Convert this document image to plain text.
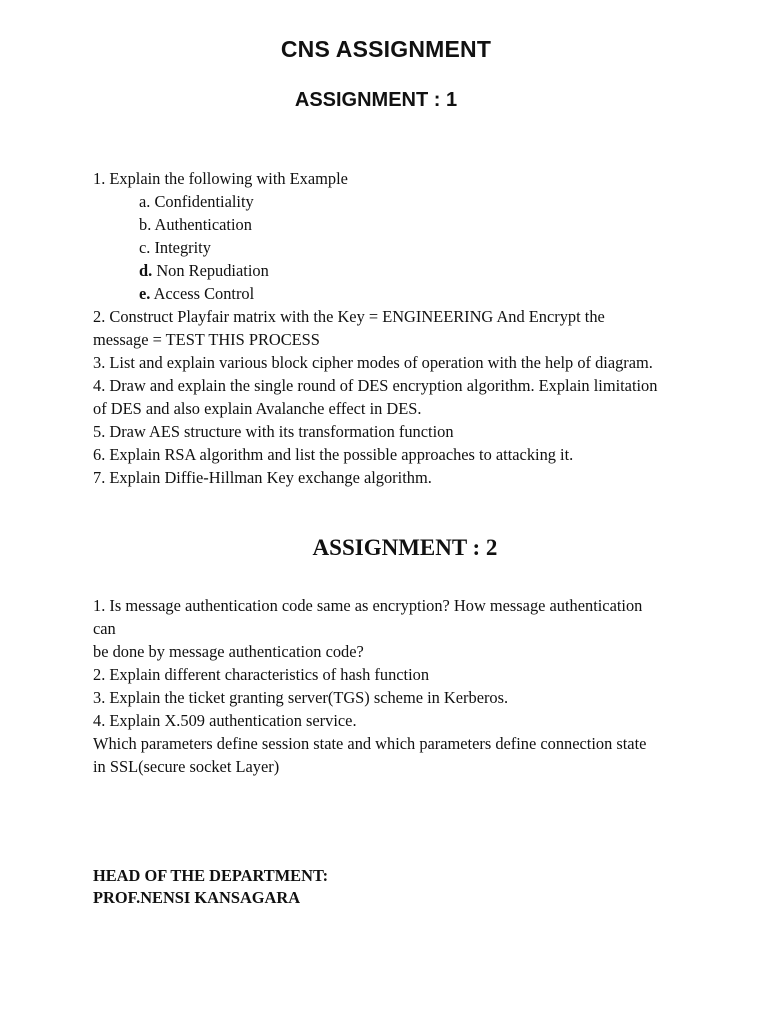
CNS ASSIGNMENT
ASSIGNMENT : 1
1. Explain the following with Example
a. Confidentiality
b. Authentication
c. Integrity
d. Non Repudiation
e. Access Control
2. Construct Playfair matrix with the Key = ENGINEERING And Encrypt the
message = TEST THIS PROCESS
3. List and explain various block cipher modes of operation with the help of diagram.
4. Draw and explain the single round of DES encryption algorithm. Explain limitation
of DES and also explain Avalanche effect in DES.
5. Draw AES structure with its transformation function
6. Explain RSA algorithm and list the possible approaches to attacking it.
7. Explain Diffie-Hillman Key exchange algorithm.
ASSIGNMENT : 2
1. Is message authentication code same as encryption? How message authentication
can
be done by message authentication code?
2. Explain different characteristics of hash function
3. Explain the ticket granting server(TGS) scheme in Kerberos.
4. Explain X.509 authentication service.
Which parameters define session state and which parameters define connection state
in SSL(secure socket Layer)
HEAD OF THE DEPARTMENT:
PROF.NENSI KANSAGARA
